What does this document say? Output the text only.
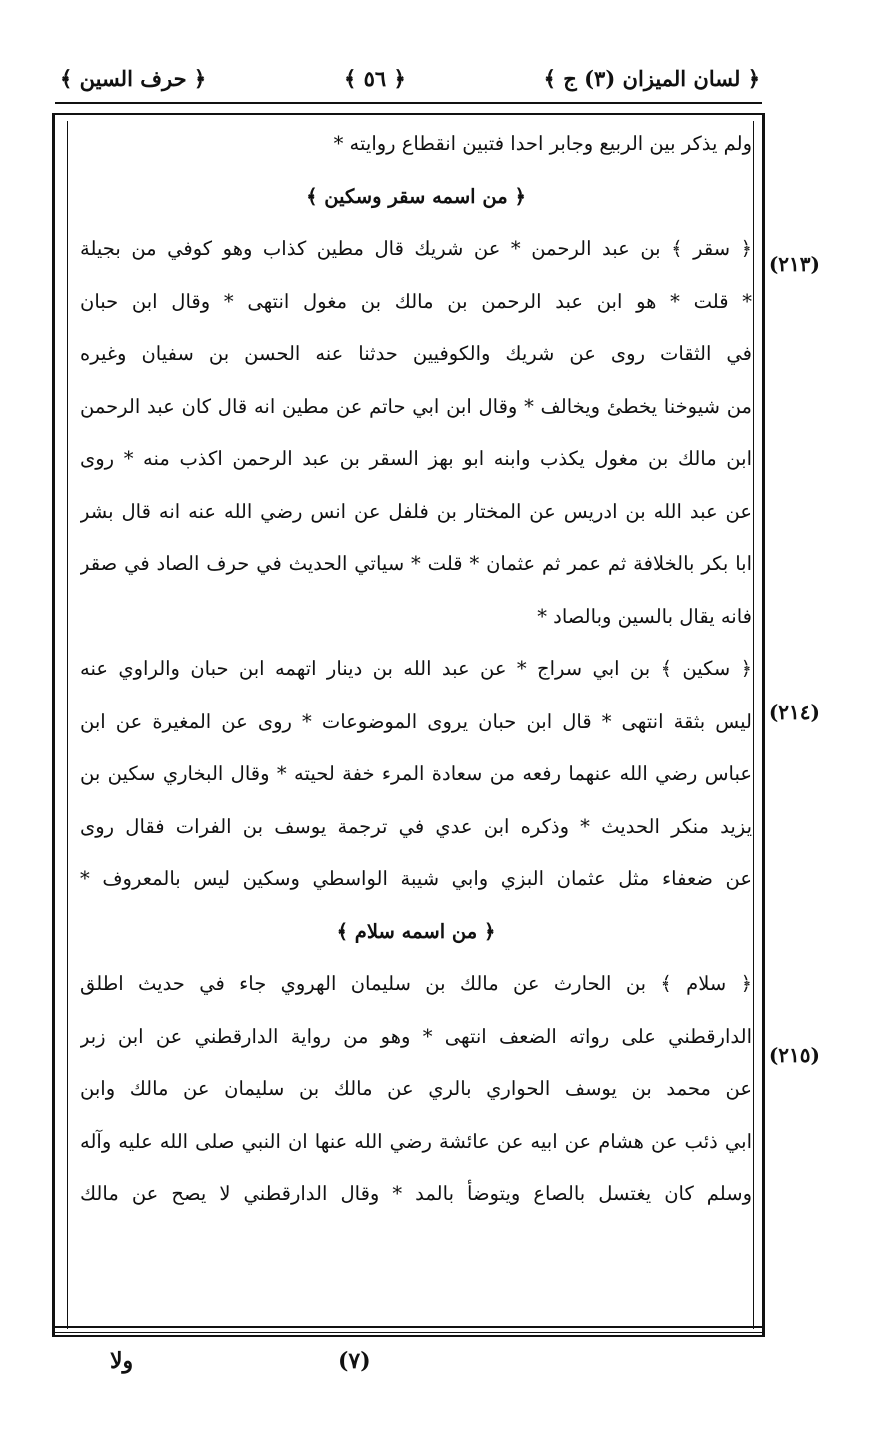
﴿ لسان الميزان (٣) ج ﴾
﴿ ٥٦ ﴾
﴿ حرف السين ﴾
ولم يذكر بين الربيع وجابر احدا فتبين انقطاع روايته *
﴿ من اسمه سقر وسكين ﴾
﴿ سقر ﴾ بن عبد الرحمن * عن شريك قال مطين كذاب وهو كوفي من بجيلة
* قلت * هو ابن عبد الرحمن بن مالك بن مغول انتهى * وقال ابن حبان
في الثقات روى عن شريك والكوفيين حدثنا عنه الحسن بن سفيان وغيره
من شيوخنا يخطئ ويخالف * وقال ابن ابي حاتم عن مطين انه قال كان عبد الرحمن
ابن مالك بن مغول يكذب وابنه ابو بهز السقر بن عبد الرحمن اكذب منه * روى
عن عبد الله بن ادريس عن المختار بن فلفل عن انس رضي الله عنه انه قال بشر
ابا بكر بالخلافة ثم عمر ثم عثمان * قلت * سياتي الحديث في حرف الصاد في صقر
فانه يقال بالسين وبالصاد *
﴿ سكين ﴾ بن ابي سراج * عن عبد الله بن دينار اتهمه ابن حبان والراوي عنه
ليس بثقة انتهى * قال ابن حبان يروى الموضوعات * روى عن المغيرة عن ابن
عباس رضي الله عنهما رفعه من سعادة المرء خفة لحيته * وقال البخاري سكين بن
يزيد منكر الحديث * وذكره ابن عدي في ترجمة يوسف بن الفرات فقال روى
عن ضعفاء مثل عثمان البزي وابي شيبة الواسطي وسكين ليس بالمعروف *
﴿ من اسمه سلام ﴾
﴿ سلام ﴾ بن الحارث عن مالك بن سليمان الهروي جاء في حديث اطلق
الدارقطني على رواته الضعف انتهى * وهو من رواية الدارقطني عن ابن زبر
عن محمد بن يوسف الحواري بالري عن مالك بن سليمان عن مالك وابن
ابي ذئب عن هشام عن ابيه عن عائشة رضي الله عنها ان النبي صلى الله عليه وآله
وسلم كان يغتسل بالصاع ويتوضأ بالمد * وقال الدارقطني لا يصح عن مالك
(٢١٣)
(٢١٤)
(٢١٥)
ولا	(٧)
